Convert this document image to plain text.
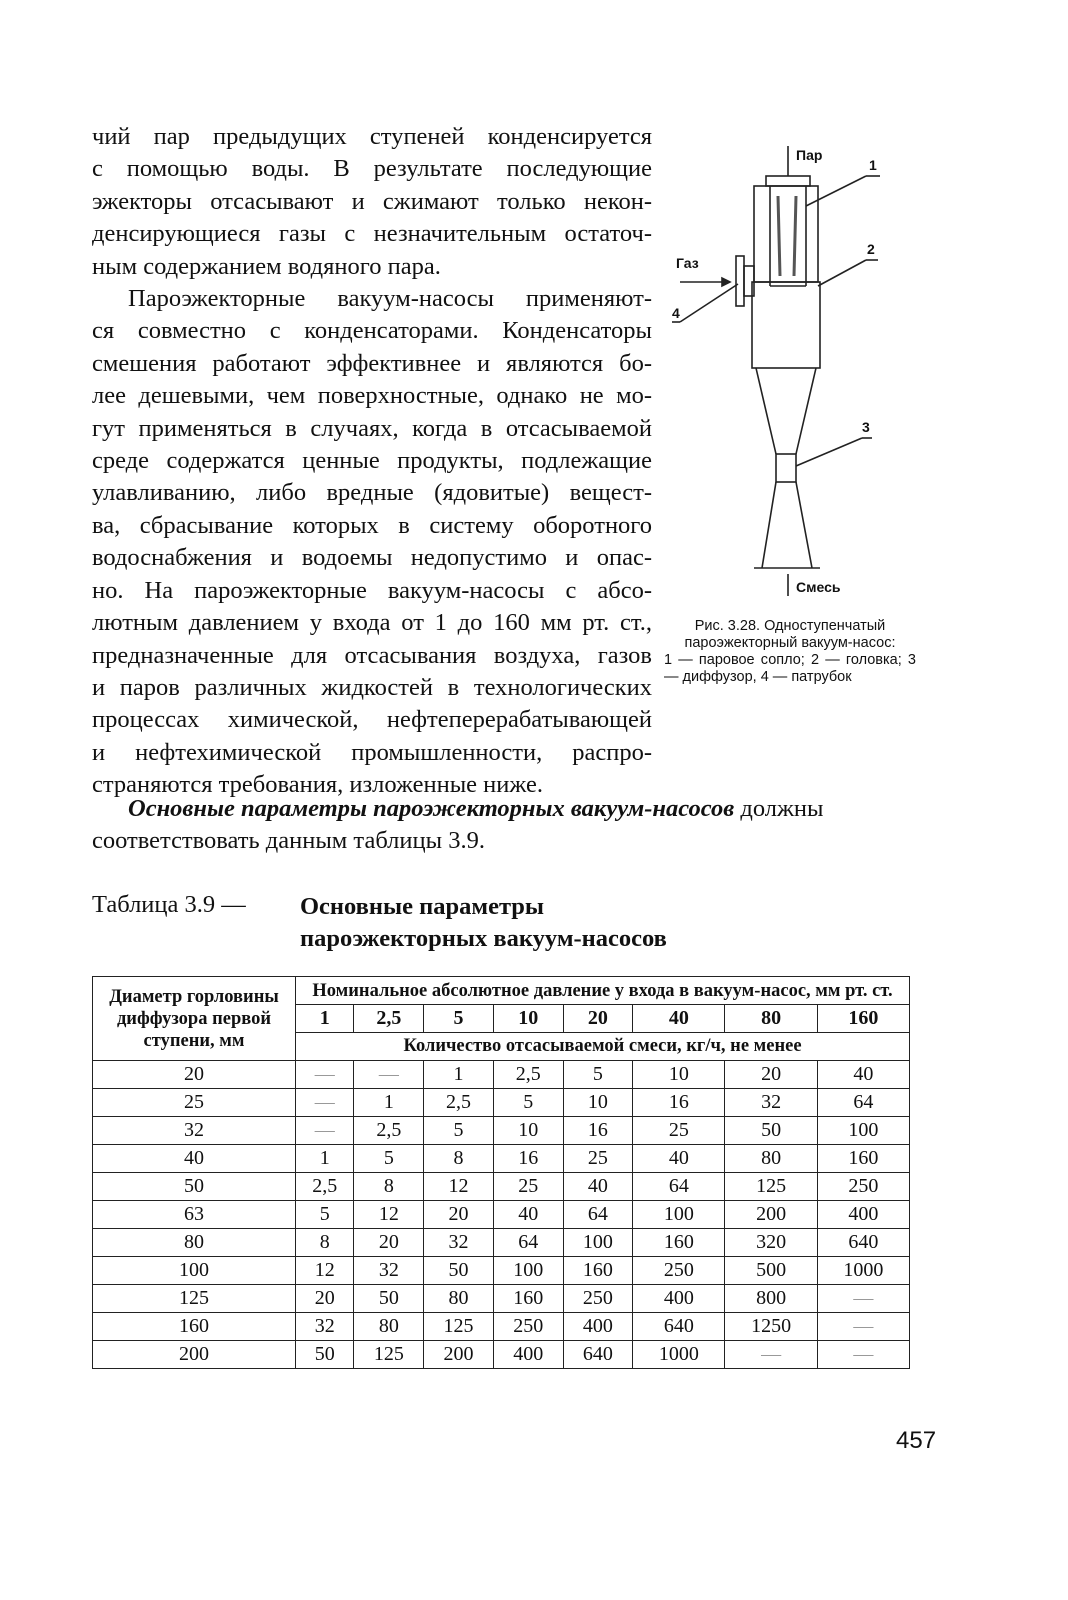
чий пар предыдущих ступеней конденсируется
с помощью воды. В результате последующие
эжекторы отсасывают и сжимают только некон-
денсирующиеся газы с незначительным остаточ-
ным содержанием водяного пара.

Пароэжекторные вакуум-насосы применяют-
ся совместно с конденсаторами. Конденсаторы
смешения работают эффективнее и являются бо-
лее дешевыми, чем поверхностные, однако не мо-
гут применяться в случаях, когда в отсасываемой
среде содержатся ценные продукты, подлежащие
улавливанию, либо вредные (ядовитые) вещест-
ва, сбрасывание которых в систему оборотного
водоснабжения и водоемы недопустимо и опас-
но. На пароэжекторные вакуум-насосы с абсо-
лютным давлением у входа от 1 до 160 мм рт. ст.,
предназначенные для отсасывания воздуха, газов
и паров различных жидкостей в технологических
процессах химической, нефтеперерабатывающей
и нефтехимической промышленности, распро-
страняются требования, изложенные ниже.

Пар
Газ
Смесь
1
2
3
4
Рис. 3.28. Одноступенчатый пароэжекторный вакуум-насос:
1 — паровое сопло; 2 — головка; 3 — диффузор, 4 — патрубок
Основные параметры пароэжекторных вакуум-насосов должны
соответствовать данным таблицы 3.9.
Таблица 3.9 — Основные параметры
пароэжекторных вакуум-насосов
Диаметр горловины диффузора первой ступени, мм	Номинальное абсолютное давление у входа в вакуум-насос, мм рт. ст.							
	1	2,5	5	10	20	40	80	160
	Количество отсасываемой смеси, кг/ч, не менее							
20	—	—	1	2,5	5	10	20	40
25	—	1	2,5	5	10	16	32	64
32	—	2,5	5	10	16	25	50	100
40	1	5	8	16	25	40	80	160
50	2,5	8	12	25	40	64	125	250
63	5	12	20	40	64	100	200	400
80	8	20	32	64	100	160	320	640
100	12	32	50	100	160	250	500	1000
125	20	50	80	160	250	400	800	—
160	32	80	125	250	400	640	1250	—
200	50	125	200	400	640	1000	—	—
457
